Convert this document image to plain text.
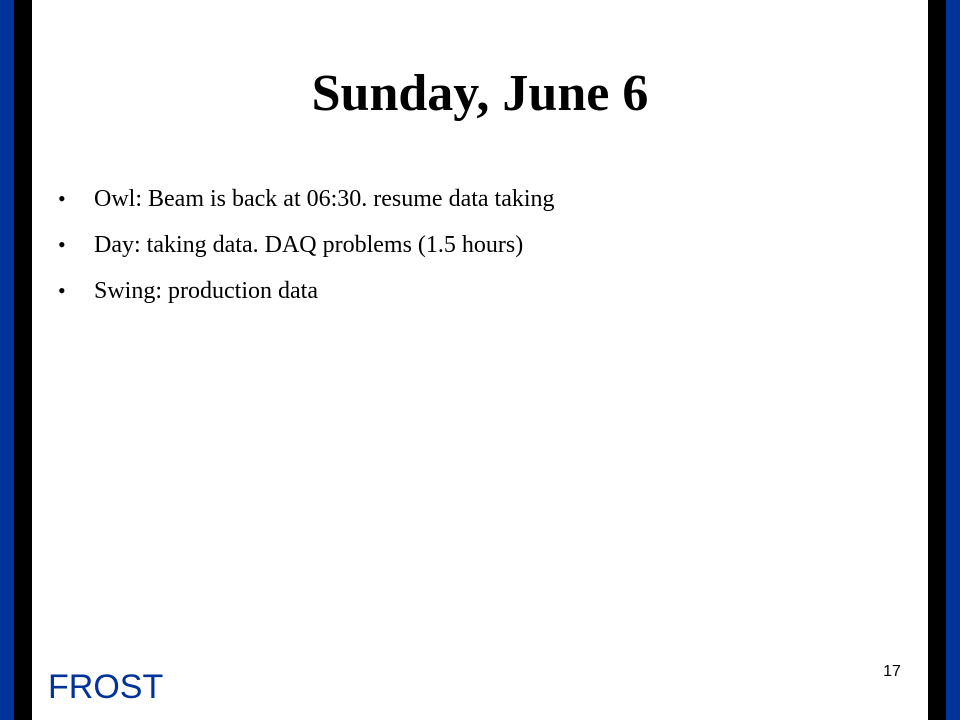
Sunday, June 6
•	Owl: Beam is back at 06:30. resume data taking
•	Day: taking data. DAQ problems (1.5 hours)
•	Swing: production data
FROST	17
